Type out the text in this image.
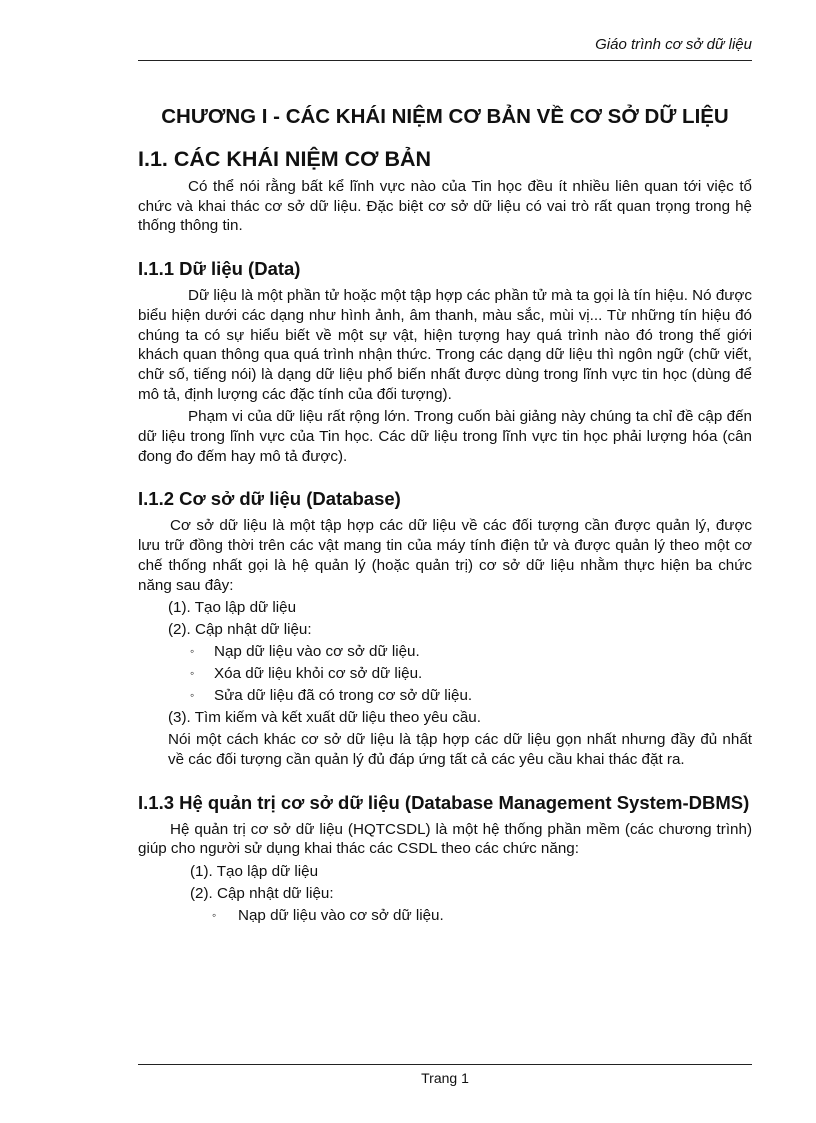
Giáo trình cơ sở dữ liệu
CHƯƠNG I - CÁC KHÁI NIỆM CƠ BẢN VỀ CƠ SỞ DỮ LIỆU
I.1. CÁC KHÁI NIỆM CƠ BẢN

Có thể nói rằng bất kể lĩnh vực nào của Tin học đều ít nhiều liên quan tới việc tổ chức và khai thác cơ sở dữ liệu. Đặc biệt cơ sở dữ liệu có vai trò rất quan trọng trong hệ thống thông tin.

I.1.1 Dữ liệu (Data)

Dữ liệu là một phần tử hoặc một tập hợp các phần tử mà ta gọi là tín hiệu. Nó được biểu hiện dưới các dạng như hình ảnh, âm thanh, màu sắc, mùi vị... Từ những tín hiệu đó chúng ta có sự hiểu biết về một sự vật, hiện tượng hay quá trình nào đó trong thế giới khách quan thông qua quá trình nhận thức. Trong các dạng dữ liệu thì ngôn ngữ (chữ viết, chữ số, tiếng nói) là dạng dữ liệu phổ biến nhất được dùng trong lĩnh vực tin học (dùng để mô tả, định lượng các đặc tính của đối tượng).

Phạm vi của dữ liệu rất rộng lớn. Trong cuốn bài giảng này chúng ta chỉ đề cập đến dữ liệu trong lĩnh vực của Tin học. Các dữ liệu trong lĩnh vực tin học phải lượng hóa (cân đong đo đếm hay mô tả được).

I.1.2 Cơ sở dữ liệu (Database)

Cơ sở dữ liệu là một tập hợp các dữ liệu về các đối tượng cần được quản lý, được lưu trữ đồng thời trên các vật mang tin của máy tính điện tử và được quản lý theo một cơ chế thống nhất gọi là hệ quản lý (hoặc quản trị) cơ sở dữ liệu nhằm thực hiện ba chức năng sau đây:

(1). Tạo lập dữ liệu
(2). Cập nhật dữ liệu:
◦ Nạp dữ liệu vào cơ sở dữ liệu.
◦ Xóa dữ liệu khỏi cơ sở dữ liệu.
◦ Sửa dữ liệu đã có trong cơ sở dữ liệu.
(3). Tìm kiếm và kết xuất dữ liệu theo yêu cầu.

Nói một cách khác cơ sở dữ liệu là tập hợp các dữ liệu gọn nhất nhưng đầy đủ nhất về các đối tượng cần quản lý đủ đáp ứng tất cả các yêu cầu khai thác đặt ra.

I.1.3 Hệ quản trị cơ sở dữ liệu (Database Management System-DBMS)

Hệ quản trị cơ sở dữ liệu (HQTCSDL) là một hệ thống phần mềm (các chương trình) giúp cho người sử dụng khai thác các CSDL theo các chức năng:

(1). Tạo lập dữ liệu
(2). Cập nhật dữ liệu:
◦ Nạp dữ liệu vào cơ sở dữ liệu.
Trang 1
